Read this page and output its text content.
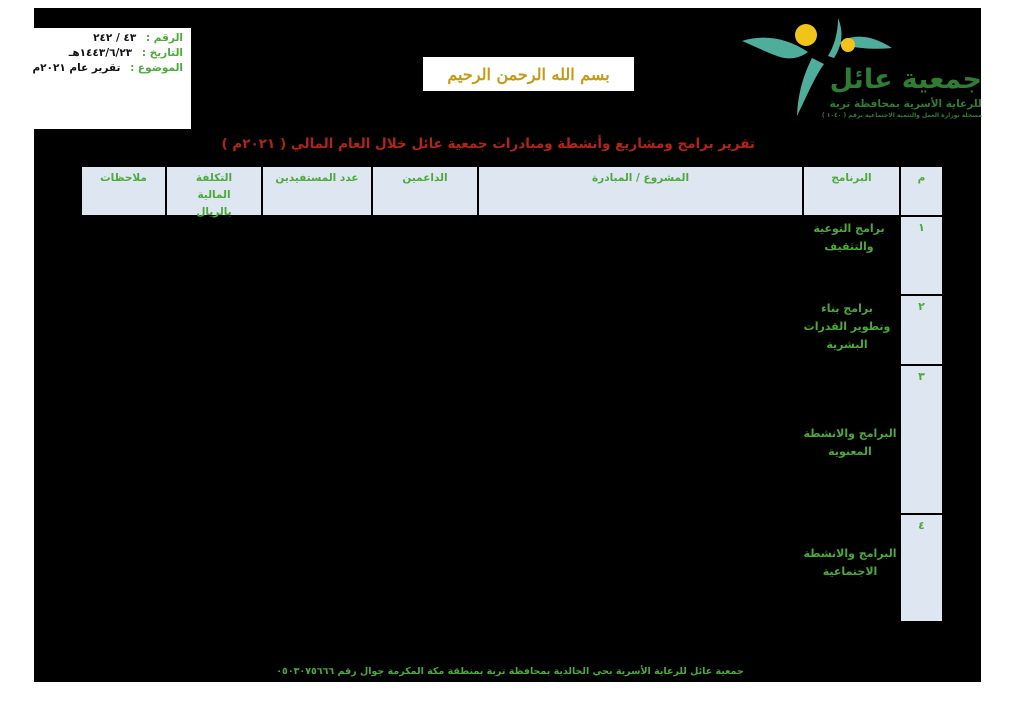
الرقم : ٤٣ / ٢٤٢
التاريخ : ١٤٤٣/٦/٢٣هـ
الموضوع : تقرير عام ٢٠٢١م	بسم الله الرحمن الرحيم	جمعية عائل
للرعاية الأسرية بمحافظة تربة
مسجلة بوزارة العمل والتنمية الاجتماعية برقم ( ١٠٤٠ )
تقرير برامج ومشاريع وأنشطة ومبادرات جمعية عائل خلال العام المالي ( ٢٠٢١م )
م
البرنامج
المشروع / المبادرة
الداعمين
عدد المستفيدين
التكلفة المالية بالريال
ملاحظات
١
٢
٣
٤
برامج التوعية والتثقيف
برامج بناء وتطوير القدرات البشرية
البرامج والانشطة المعنوية
البرامج والانشطة الاجتماعية
جمعية عائل للرعاية الأسرية بحي الخالدية بمحافظة تربة بمنطقة مكة المكرمة جوال رقم ٠٥٠٣٠٧٥٦٦٦
